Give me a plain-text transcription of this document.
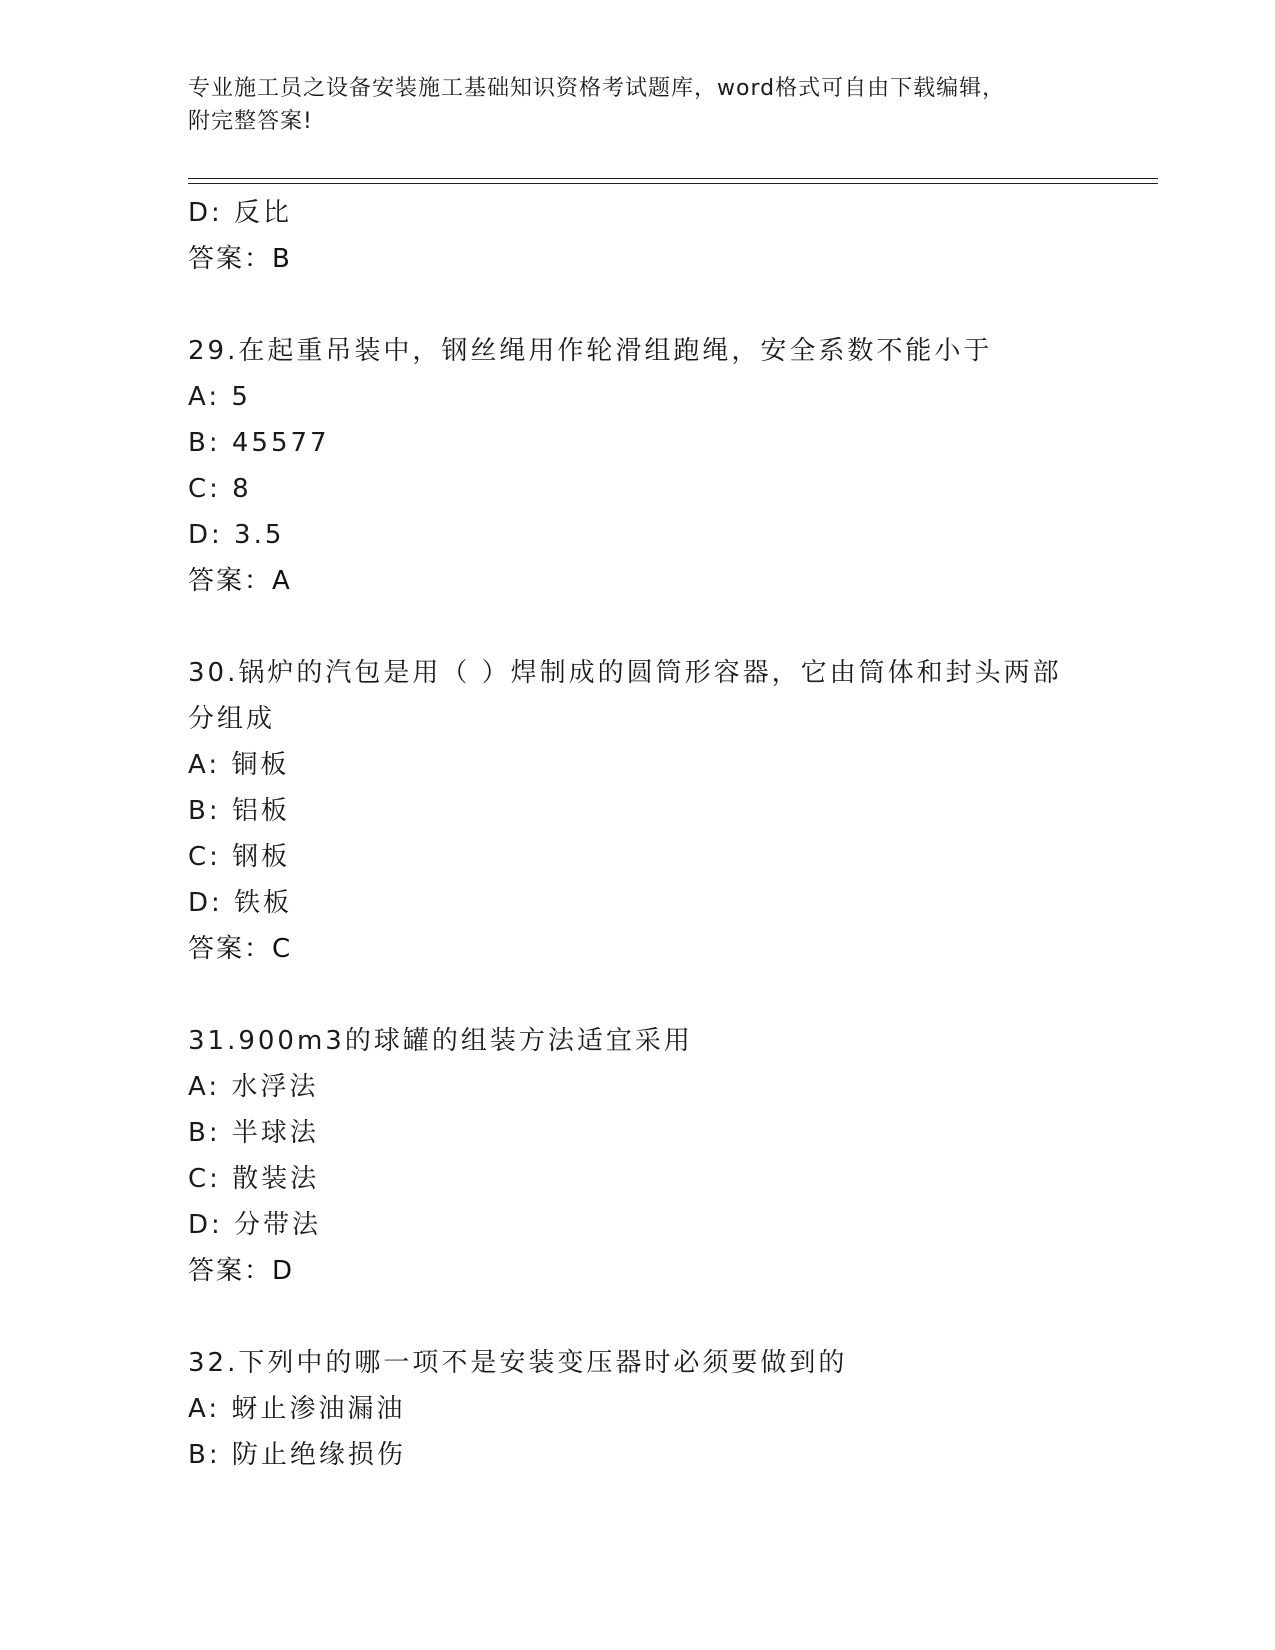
专业施工员之设备安装施工基础知识资格考试题库，word格式可自由下载编辑，
附完整答案!
D: 反比
答案：B
29.在起重吊装中，钢丝绳用作轮滑组跑绳，安全系数不能小于
A: 5
B: 45577
C: 8
D: 3.5
答案：A
30.锅炉的汽包是用（ ）焊制成的圆筒形容器，它由筒体和封头两部
分组成
A: 铜板
B: 铝板
C: 钢板
D: 铁板
答案：C
31.900m3的球罐的组装方法适宜采用
A: 水浮法
B: 半球法
C: 散装法
D: 分带法
答案：D
32.下列中的哪一项不是安装变压器时必须要做到的
A: 蚜止渗油漏油
B: 防止绝缘损伤
